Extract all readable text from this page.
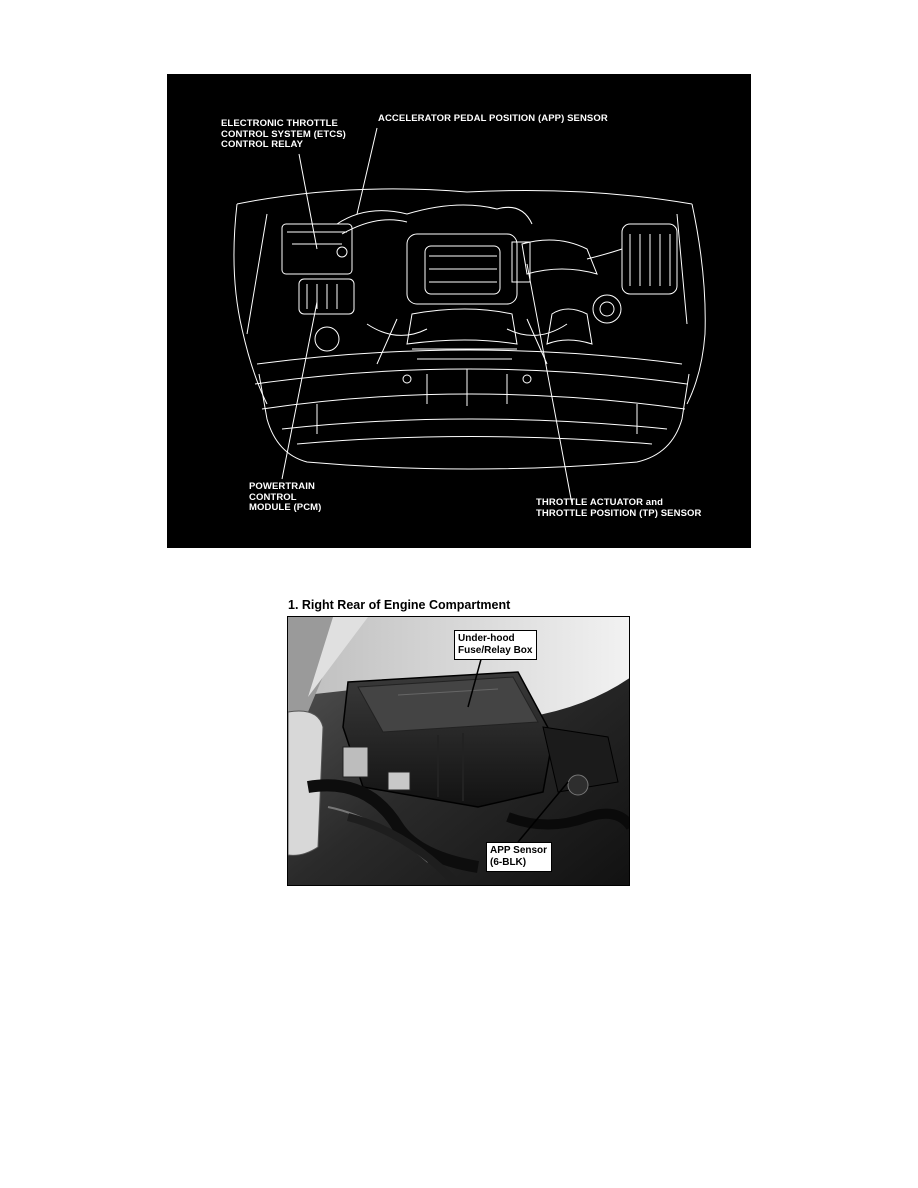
ELECTRONIC THROTTLE
CONTROL SYSTEM (ETCS)
CONTROL RELAY
ACCELERATOR PEDAL POSITION (APP) SENSOR
POWERTRAIN
CONTROL
MODULE (PCM)	THROTTLE ACTUATOR and
THROTTLE POSITION (TP) SENSOR
1. Right Rear of Engine Compartment
Under-hood
Fuse/Relay Box
APP Sensor
(6-BLK)
